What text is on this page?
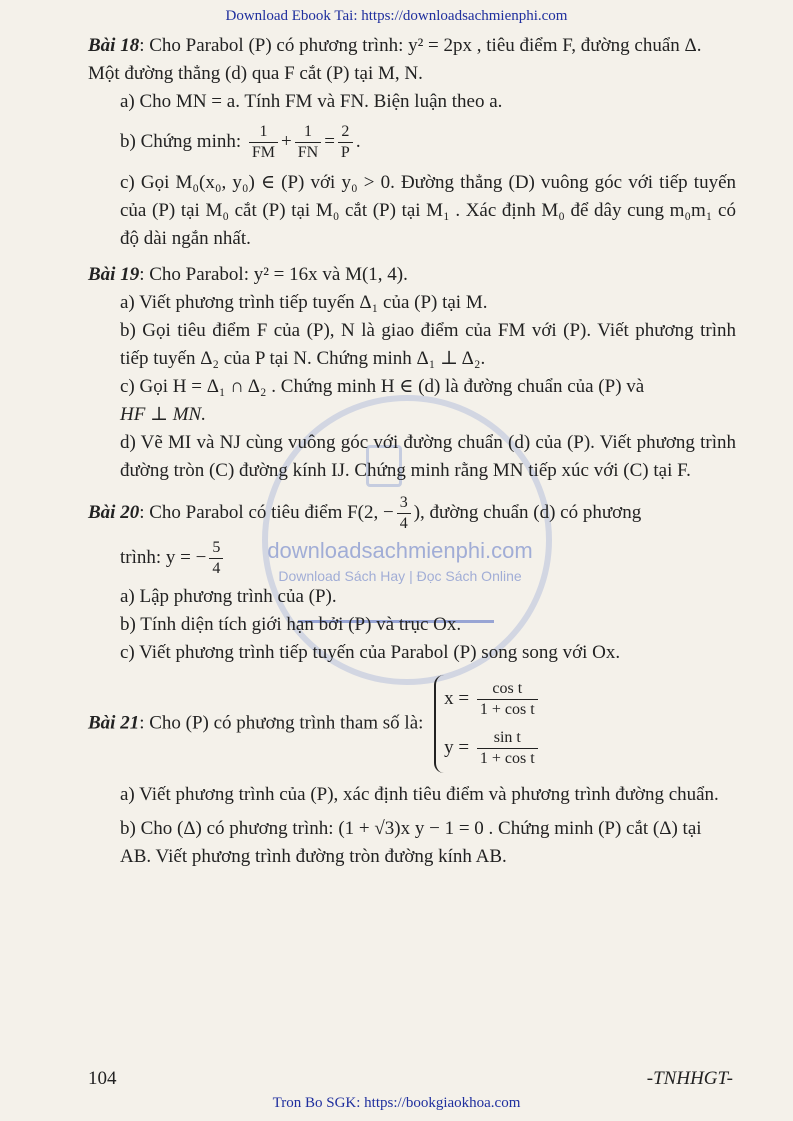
Download Ebook Tai: https://downloadsachmienphi.com
downloadsachmienphi.com
Download Sách Hay | Đọc Sách Online

Bài 18: Cho Parabol (P) có phương trình: y² = 2px , tiêu điểm F, đường chuẩn Δ. Một đường thẳng (d) qua F cắt (P) tại M, N.

a) Cho MN = a. Tính FM và FN. Biện luận theo a.

b) Chứng minh: $\frac{1}{FM} + \frac{1}{FN} = \frac{2}{P}$ .

c) Gọi M₀(x₀, y₀) ∈ (P) với y₀ > 0. Đường thẳng (D) vuông góc với tiếp tuyến của (P) tại M₀ cắt (P) tại M₀ cắt (P) tại M₁ . Xác định M₀ để dây cung m₀m₁ có độ dài ngắn nhất.

Bài 19: Cho Parabol: y² = 16x và M(1, 4).

a) Viết phương trình tiếp tuyến Δ₁ của (P) tại M.

b) Gọi tiêu điểm F của (P), N là giao điểm của FM với (P). Viết phương trình tiếp tuyến Δ₂ của P tại N. Chứng minh Δ₁ ⊥ Δ₂.

c) Gọi H = Δ₁ ∩ Δ₂ . Chứng minh H ∈ (d) là đường chuẩn của (P) và

HF ⊥ MN.

d) Vẽ MI và NJ cùng vuông góc với đường chuẩn (d) của (P). Viết phương trình đường tròn (C) đường kính IJ. Chứng minh rằng MN tiếp xúc với (C) tại F.

Bài 20: Cho Parabol có tiêu điểm F(2, − $\frac{3}{4}$ ), đường chuẩn (d) có phương

trình: y = − $\frac{5}{4}$

a) Lập phương trình của (P).

b) Tính diện tích giới hạn bởi (P) và trục Ox.

c) Viết phương trình tiếp tuyến của Parabol (P) song song với Ox.

Bài 21: Cho (P) có phương trình tham số là:
$x = \frac{\text{cos t}}{\text{1 + cos t}}$
$y = \frac{\text{sin t}}{\text{1 + cos t}}$

a) Viết phương trình của (P), xác định tiêu điểm và phương trình đường chuẩn.

b) Cho (Δ) có phương trình: (1 + √3)x y − 1 = 0 . Chứng minh (P) cắt (Δ) tại AB. Viết phương trình đường tròn đường kính AB.

104	-TNHHGT-
Tron Bo SGK: https://bookgiaokhoa.com
